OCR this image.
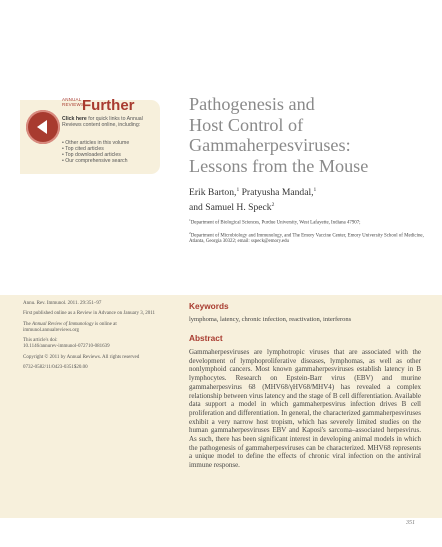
ANNUAL REVIEWS
Further
Click here for quick links to Annual Reviews content online, including:
• Other articles in this volume
• Top cited articles
• Top downloaded articles
• Our comprehensive search
Pathogenesis and
Host Control of
Gammaherpesviruses:
Lessons from the Mouse
Erik Barton,$^1$ Pratyusha Mandal,$^1$
and Samuel H. Speck$^2$
$^1$Department of Biological Sciences, Purdue University, West Lafayette, Indiana 47907;
$^2$Department of Microbiology and Immunology, and The Emory Vaccine Center, Emory University School of Medicine, Atlanta, Georgia 30322; email: sspeck@emory.edu

Annu. Rev. Immunol. 2011. 29:351–97

First published online as a Review in Advance on January 3, 2011

The Annual Review of Immunology is online at immunol.annualreviews.org

This article's doi:
10.1146/annurev-immunol-072710-081639

Copyright © 2011 by Annual Reviews. All rights reserved

0732-0582/11/0423-0351$20.00

Keywords
lymphoma, latency, chronic infection, reactivation, interferons
Abstract
Gammaherpesviruses are lymphotropic viruses that are associated with the development of lymphoproliferative diseases, lymphomas, as well as other nonlymphoid cancers. Most known gammaherpesviruses establish latency in B lymphocytes. Research on Epstein-Barr virus (EBV) and murine gammaherpesvirus 68 (MHV68/γHV68/MHV4) has revealed a complex relationship between virus latency and the stage of B cell differentiation. Available data support a model in which gammaherpesvirus infection drives B cell proliferation and differentiation. In general, the characterized gammaherpesviruses exhibit a very narrow host tropism, which has severely limited studies on the human gammaherpesviruses EBV and Kaposi's sarcoma–associated herpesvirus. As such, there has been significant interest in developing animal models in which the pathogenesis of gammaherpesviruses can be characterized. MHV68 represents a unique model to define the effects of chronic viral infection on the antiviral immune response.
351
